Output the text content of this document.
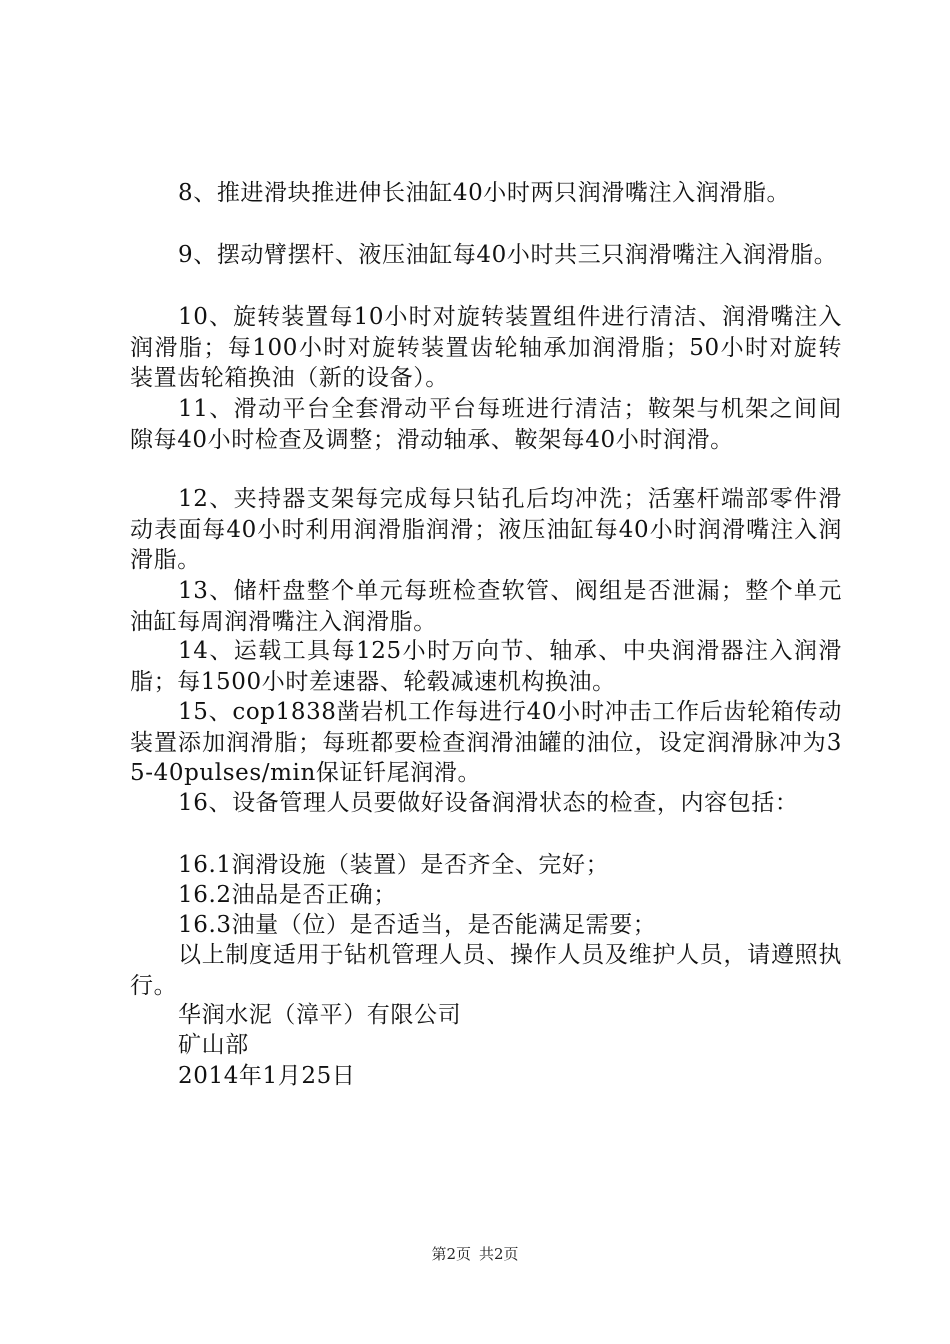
8、推进滑块推进伸长油缸40小时两只润滑嘴注入润滑脂。

9、摆动臂摆杆、液压油缸每40小时共三只润滑嘴注入润滑脂。

10、旋转装置每10小时对旋转装置组件进行清洁、润滑嘴注入润滑脂；每100小时对旋转装置齿轮轴承加润滑脂；50小时对旋转装置齿轮箱换油（新的设备）。

11、滑动平台全套滑动平台每班进行清洁；鞍架与机架之间间隙每40小时检查及调整；滑动轴承、鞍架每40小时润滑。

12、夹持器支架每完成每只钻孔后均冲洗；活塞杆端部零件滑动表面每40小时利用润滑脂润滑；液压油缸每40小时润滑嘴注入润滑脂。

13、储杆盘整个单元每班检查软管、阀组是否泄漏；整个单元油缸每周润滑嘴注入润滑脂。

14、运载工具每125小时万向节、轴承、中央润滑器注入润滑脂；每1500小时差速器、轮毂减速机构换油。

15、cop1838凿岩机工作每进行40小时冲击工作后齿轮箱传动装置添加润滑脂；每班都要检查润滑油罐的油位，设定润滑脉冲为35-40pulses/min保证钎尾润滑。

16、设备管理人员要做好设备润滑状态的检查，内容包括：

16.1润滑设施（装置）是否齐全、完好；

16.2油品是否正确；

16.3油量（位）是否适当，是否能满足需要；

以上制度适用于钻机管理人员、操作人员及维护人员，请遵照执行。

华润水泥（漳平）有限公司
矿山部
2014年1月25日
第2页 共2页
